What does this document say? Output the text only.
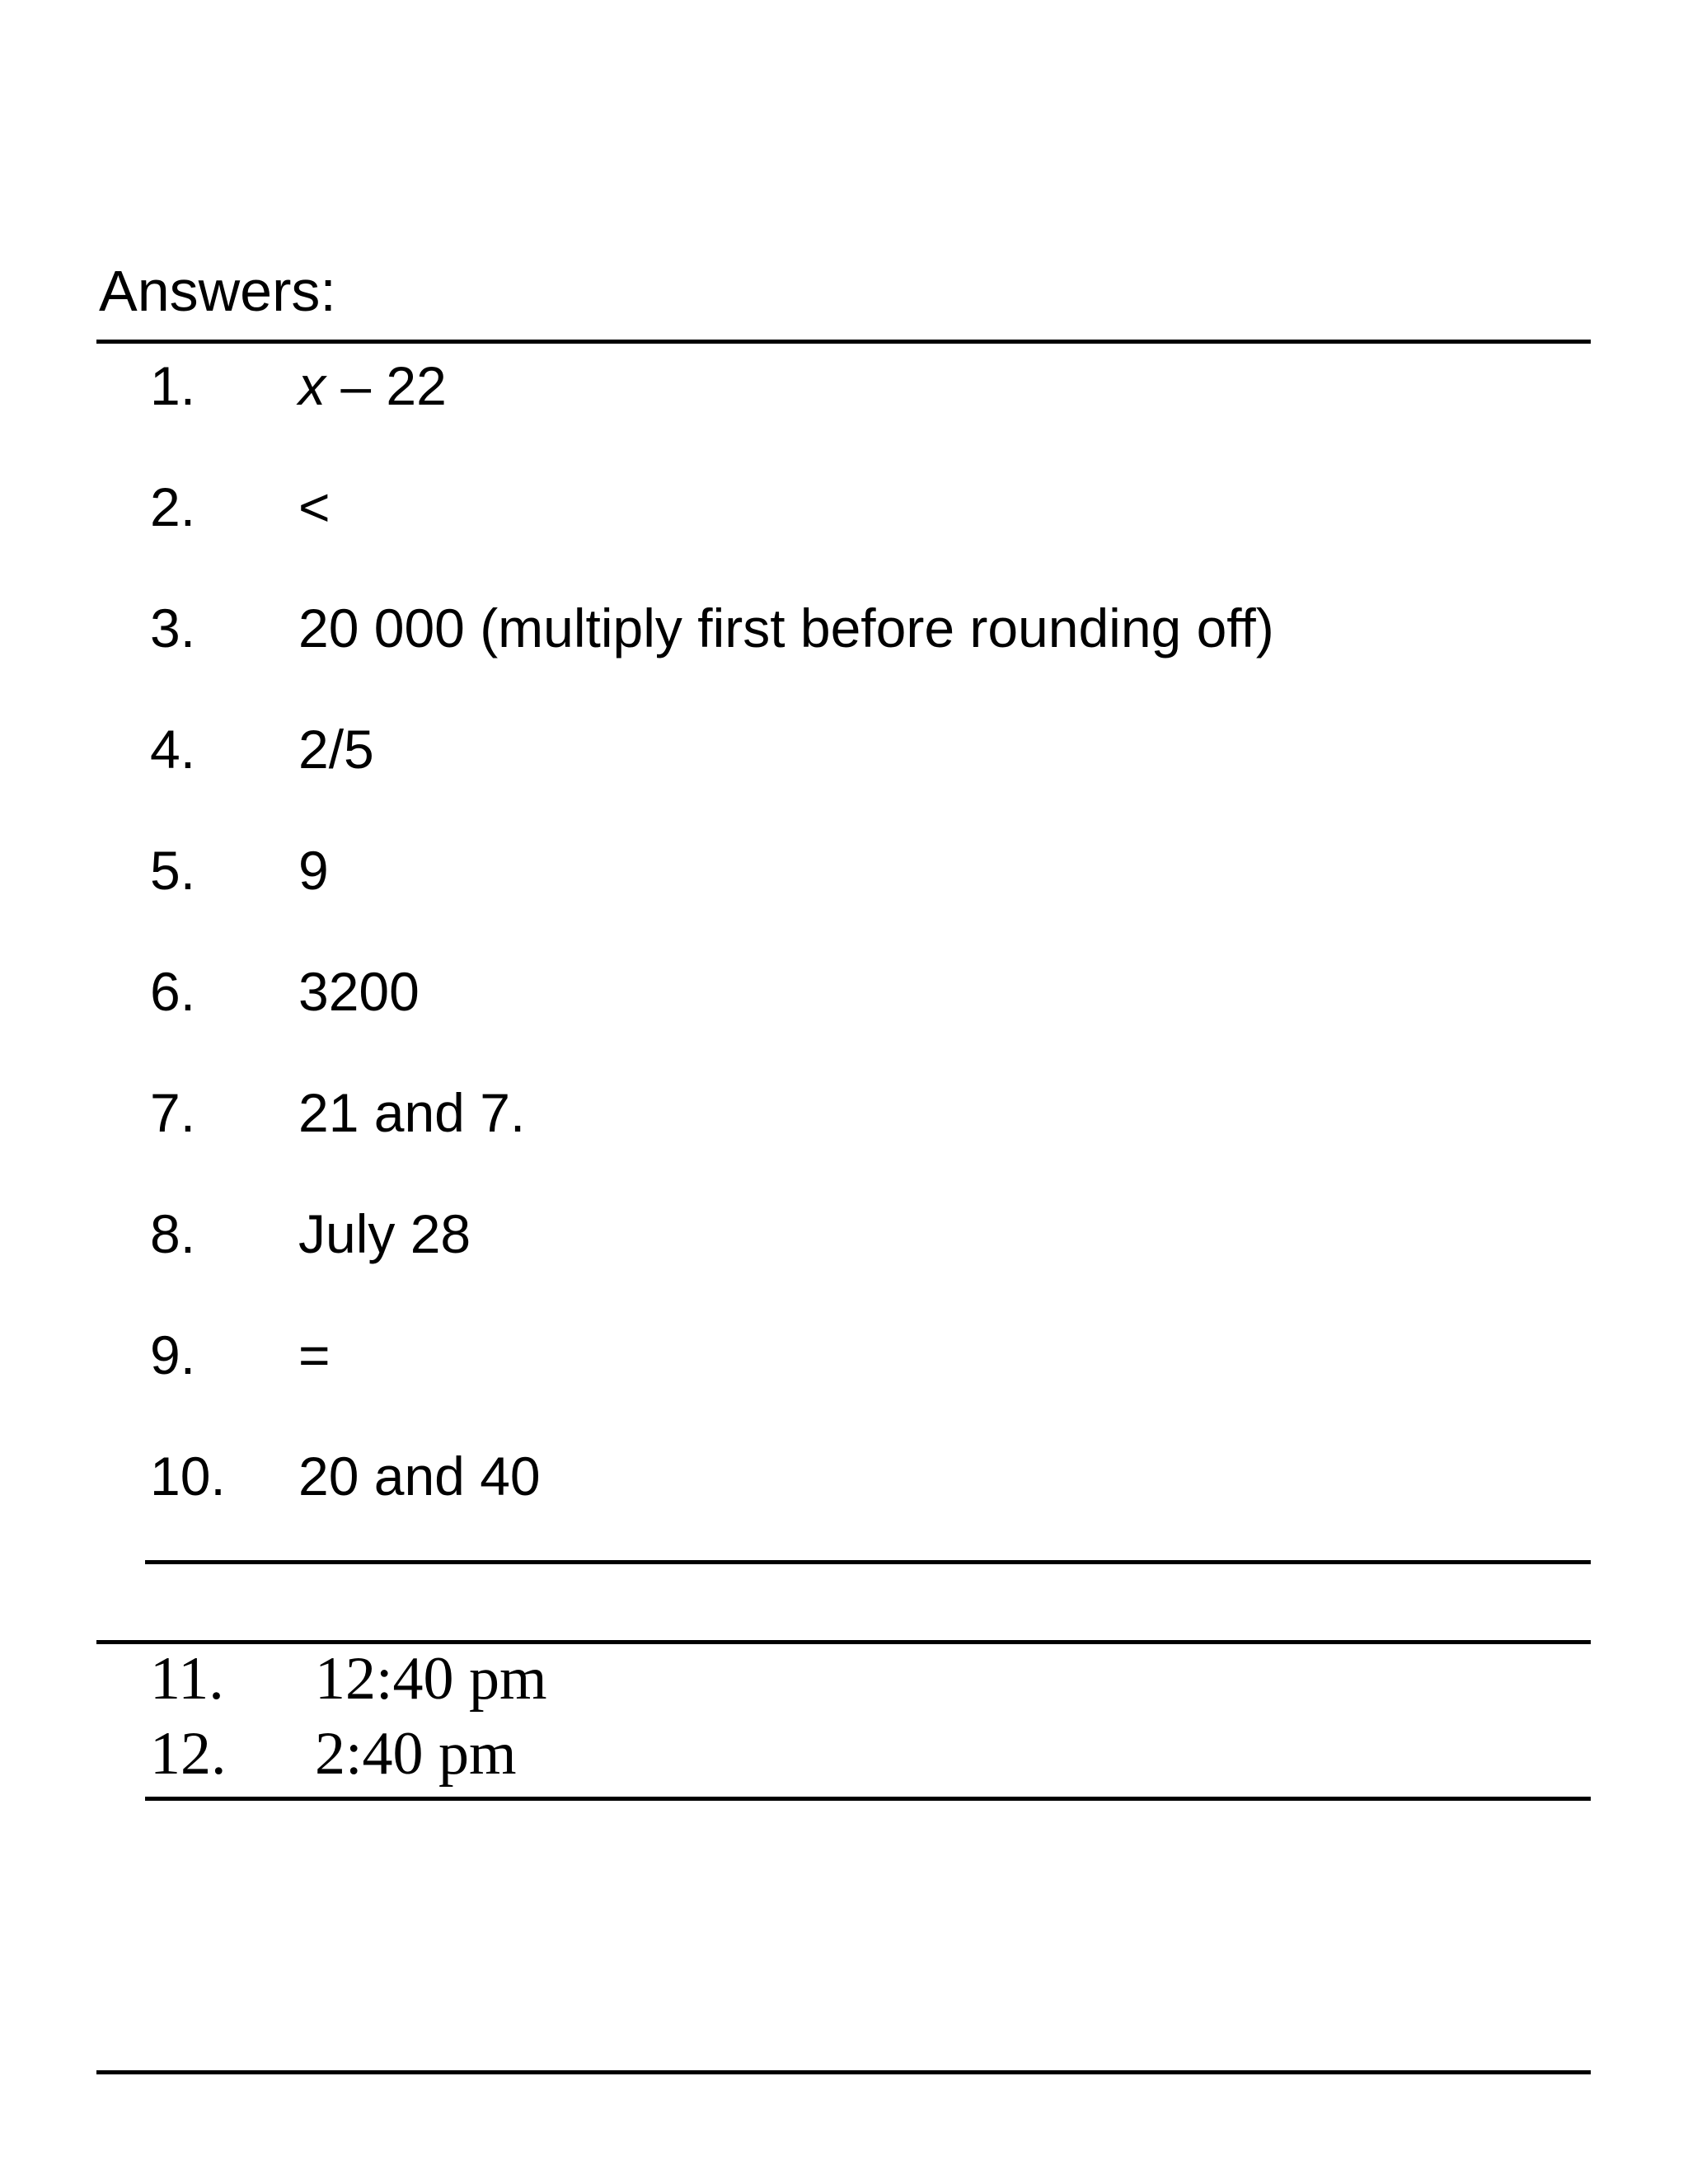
Answers:
1. x – 22
2. <
3. 20 000 (multiply first before rounding off)
4. 2/5
5. 9
6. 3200
7. 21 and 7.
8. July 28
9. =
10. 20 and 40
11. 12:40 pm
12. 2:40 pm
